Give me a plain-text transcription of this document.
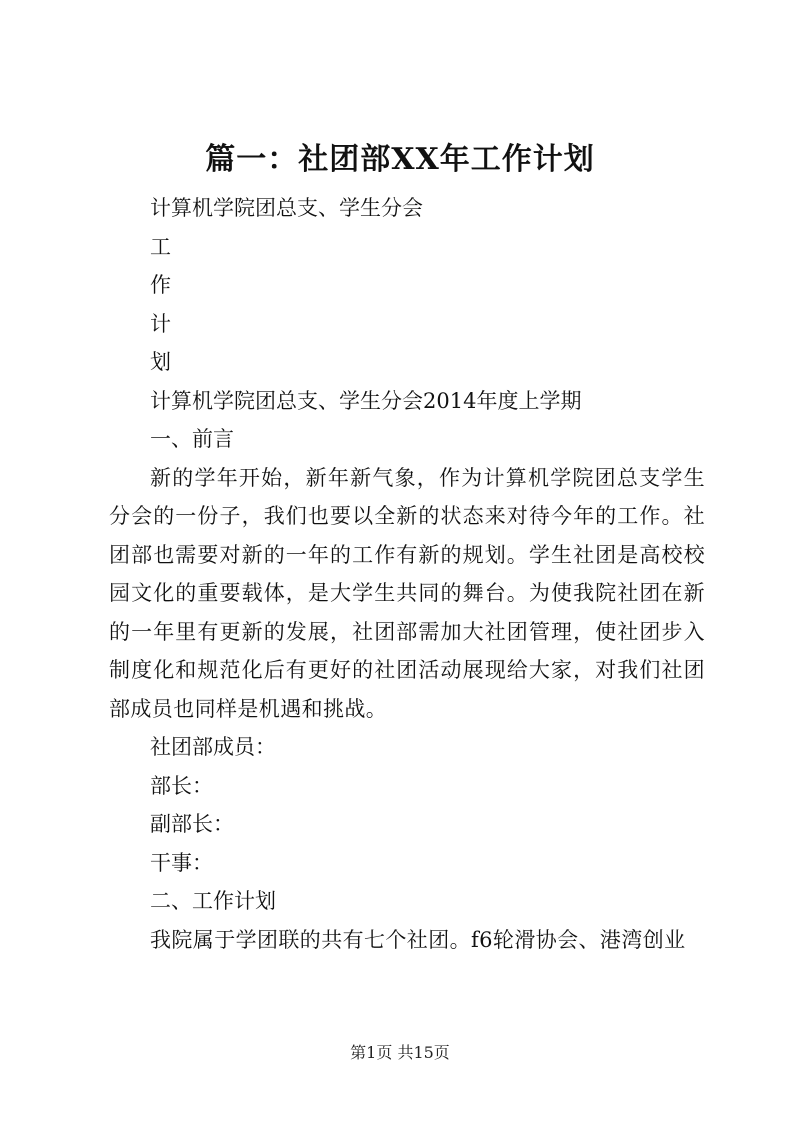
篇一：社团部XX年工作计划
计算机学院团总支、学生分会
工
作
计
划
计算机学院团总支、学生分会2014年度上学期
一、前言
新的学年开始，新年新气象，作为计算机学院团总支学生分会的一份子，我们也要以全新的状态来对待今年的工作。社团部也需要对新的一年的工作有新的规划。学生社团是高校校园文化的重要载体，是大学生共同的舞台。为使我院社团在新的一年里有更新的发展，社团部需加大社团管理，使社团步入制度化和规范化后有更好的社团活动展现给大家，对我们社团部成员也同样是机遇和挑战。
社团部成员：
部长：
副部长：
干事：
二、工作计划
我院属于学团联的共有七个社团。f6轮滑协会、港湾创业
第1页 共15页
